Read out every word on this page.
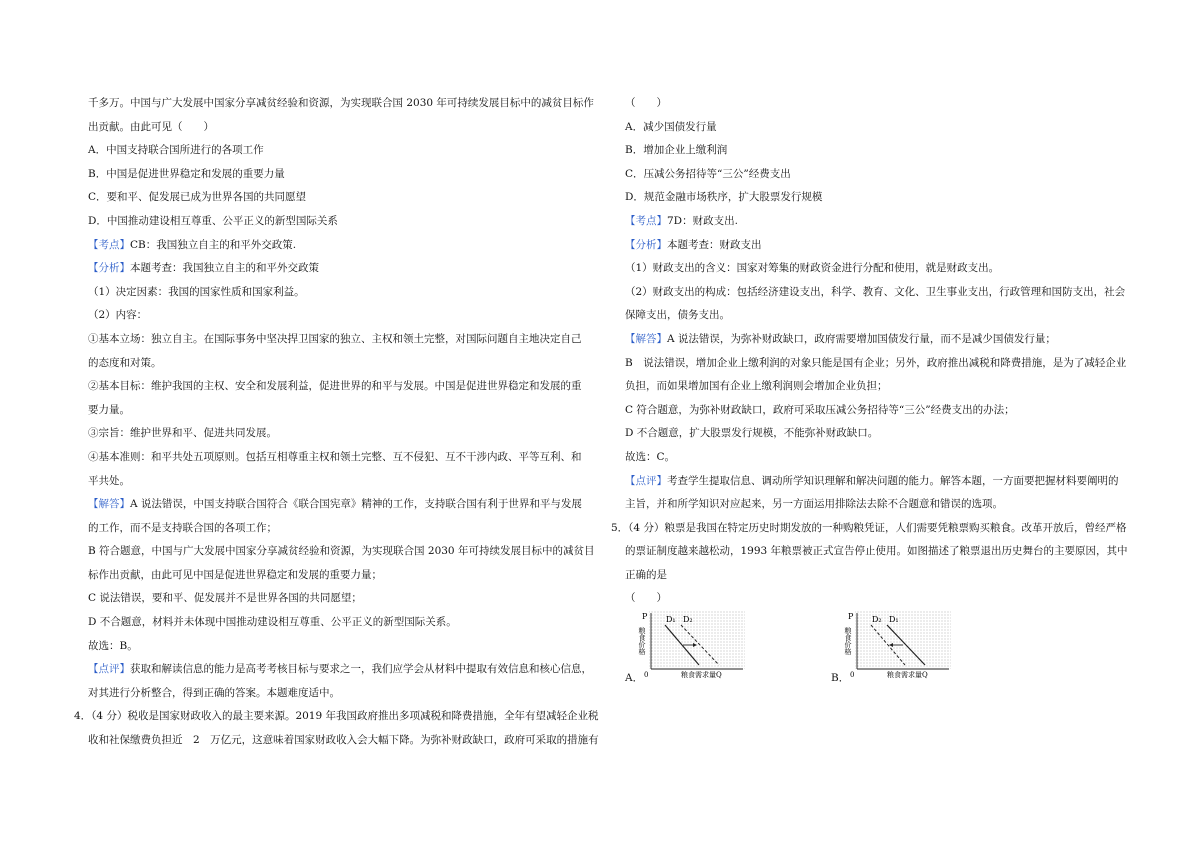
千多万。中国与广大发展中国家分享减贫经验和资源，为实现联合国 2030 年可持续发展目标中的减贫目标作
出贡献。由此可见（　　）
A．中国支持联合国所进行的各项工作
B．中国是促进世界稳定和发展的重要力量
C．要和平、促发展已成为世界各国的共同愿望
D．中国推动建设相互尊重、公平正义的新型国际关系
【考点】CB：我国独立自主的和平外交政策.
【分析】本题考查：我国独立自主的和平外交政策
（1）决定因素：我国的国家性质和国家利益。
（2）内容：
①基本立场：独立自主。在国际事务中坚决捍卫国家的独立、主权和领土完整，对国际问题自主地决定自己
的态度和对策。
②基本目标：维护我国的主权、安全和发展利益，促进世界的和平与发展。中国是促进世界稳定和发展的重
要力量。
③宗旨：维护世界和平、促进共同发展。
④基本准则：和平共处五项原则。包括互相尊重主权和领土完整、互不侵犯、互不干涉内政、平等互利、和
平共处。
【解答】A 说法错误，中国支持联合国符合《联合国宪章》精神的工作，支持联合国有利于世界和平与发展
的工作，而不是支持联合国的各项工作；
B 符合题意，中国与广大发展中国家分享减贫经验和资源，为实现联合国 2030 年可持续发展目标中的减贫目
标作出贡献，由此可见中国是促进世界稳定和发展的重要力量；
C 说法错误，要和平、促发展并不是世界各国的共同愿望；
D 不合题意，材料并未体现中国推动建设相互尊重、公平正义的新型国际关系。
故选：B。
【点评】获取和解读信息的能力是高考考核目标与要求之一，我们应学会从材料中提取有效信息和核心信息，
对其进行分析整合，得到正确的答案。本题难度适中。
4．（4 分）税收是国家财政收入的最主要来源。2019 年我国政府推出多项减税和降费措施，全年有望减轻企业税
收和社保缴费负担近　2　万亿元，这意味着国家财政收入会大幅下降。为弥补财政缺口，政府可采取的措施有
（　　）
A．减少国债发行量
B．增加企业上缴利润
C．压减公务招待等“三公”经费支出
D．规范金融市场秩序，扩大股票发行规模
【考点】7D：财政支出.
【分析】本题考查：财政支出
（1）财政支出的含义：国家对筹集的财政资金进行分配和使用，就是财政支出。
（2）财政支出的构成：包括经济建设支出，科学、教育、文化、卫生事业支出，行政管理和国防支出，社会
保障支出，债务支出。
【解答】A 说法错误，为弥补财政缺口，政府需要增加国债发行量，而不是减少国债发行量；
B　说法错误，增加企业上缴利润的对象只能是国有企业；另外，政府推出减税和降费措施，是为了减轻企业
负担，而如果增加国有企业上缴利润则会增加企业负担；
C 符合题意，为弥补财政缺口，政府可采取压减公务招待等“三公”经费支出的办法；
D 不合题意，扩大股票发行规模，不能弥补财政缺口。
故选：C。
【点评】考查学生提取信息、调动所学知识理解和解决问题的能力。解答本题，一方面要把握材料要阐明的
主旨，并和所学知识对应起来，另一方面运用排除法去除不合题意和错误的选项。
5．（4 分）粮票是我国在特定历史时期发放的一种购粮凭证，人们需要凭粮票购买粮食。改革开放后，曾经严格
的票证制度越来越松动，1993 年粮票被正式宣告停止使用。如图描述了粮票退出历史舞台的主要原因，其中
正确的是
（　　）
A．
P
粮食价格
D₁ D₂
0	粮食需求量Q	B．
P
粮食价格
D₂ D₁
0	粮食需求量Q
